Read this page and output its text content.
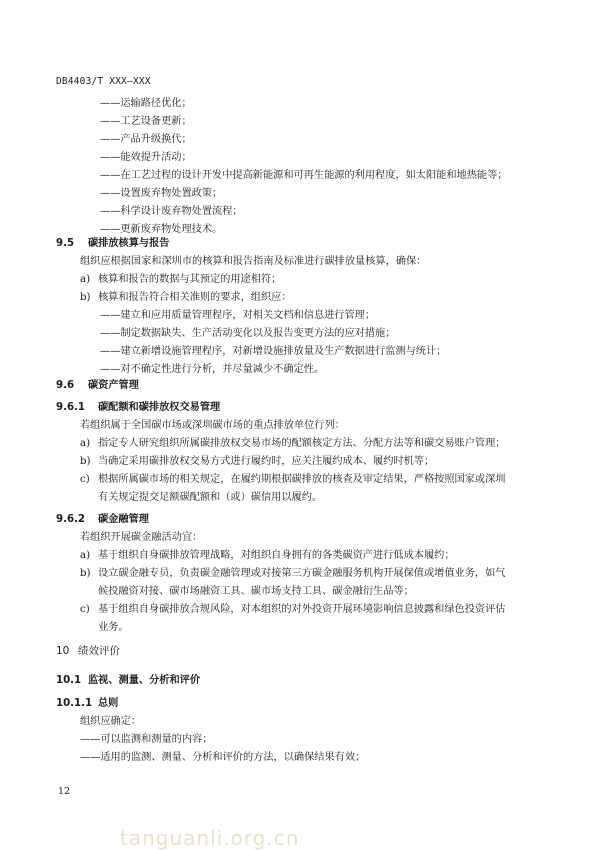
DB4403/T XXX—XXX
——运输路径优化；
——工艺设备更新；
——产品升级换代；
——能效提升活动；
——在工艺过程的设计开发中提高新能源和可再生能源的利用程度，如太阳能和地热能等；
——设置废弃物处置政策；
——科学设计废弃物处置流程；
——更新废弃物处理技术。
9.5 碳排放核算与报告
组织应根据国家和深圳市的核算和报告指南及标准进行碳排放量核算，确保：
a) 核算和报告的数据与其预定的用途相符；
b) 核算和报告符合相关准则的要求，组织应：
——建立和应用质量管理程序，对相关文档和信息进行管理；
——制定数据缺失、生产活动变化以及报告变更方法的应对措施；
——建立新增设施管理程序，对新增设施排放量及生产数据进行监测与统计；
——对不确定性进行分析，并尽量减少不确定性。
9.6 碳资产管理
9.6.1 碳配额和碳排放权交易管理
若组织属于全国碳市场或深圳碳市场的重点排放单位行列：
a) 指定专人研究组织所属碳排放权交易市场的配额核定方法、分配方法等和碳交易账户管理；
b) 当确定采用碳排放权交易方式进行履约时，应关注履约成本、履约时机等；
c) 根据所属碳市场的相关规定，在履约期根据碳排放的核查及审定结果，严格按照国家或深圳
有关规定提交足额碳配额和（或）碳信用以履约。
9.6.2 碳金融管理
若组织开展碳金融活动宜：
a) 基于组织自身碳排放管理战略，对组织自身拥有的各类碳资产进行低成本履约；
b) 设立碳金融专员，负责碳金融管理或对接第三方碳金融服务机构开展保值或增值业务，如气
候投融资对接、碳市场融资工具、碳市场支持工具、碳金融衍生品等；
c) 基于组织自身碳排放合规风险，对本组织的对外投资开展环境影响信息披露和绿色投资评估
业务。
10 绩效评价
10.1 监视、测量、分析和评价
10.1.1 总则
组织应确定：
——可以监测和测量的内容；
——适用的监测、测量、分析和评价的方法，以确保结果有效；
12
tanguanli.org.cn
